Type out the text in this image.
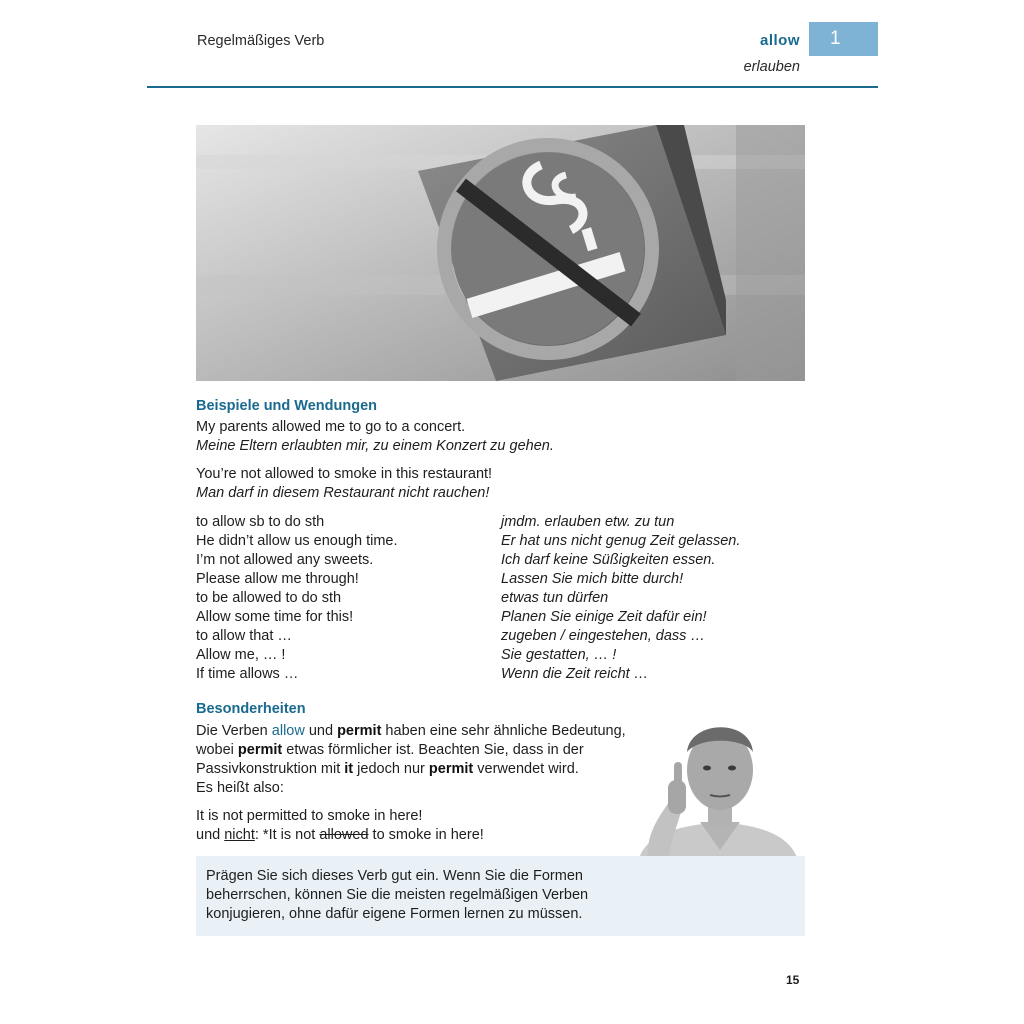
Regelmäßiges Verb	allow
erlauben
1
Beispiele und Wendungen
My parents allowed me to go to a concert.
Meine Eltern erlaubten mir, zu einem Konzert zu gehen.
You’re not allowed to smoke in this restaurant!
Man darf in diesem Restaurant nicht rauchen!
to allow sb to do sth
He didn’t allow us enough time.
I’m not allowed any sweets.
Please allow me through!
to be allowed to do sth
Allow some time for this!
to allow that …
Allow me, … !
If time allows …
jmdm. erlauben etw. zu tun
Er hat uns nicht genug Zeit gelassen.
Ich darf keine Süßigkeiten essen.
Lassen Sie mich bitte durch!
etwas tun dürfen
Planen Sie einige Zeit dafür ein!
zugeben / eingestehen, dass …
Sie gestatten, … !
Wenn die Zeit reicht …
Besonderheiten
Die Verben allow und permit haben eine sehr ähnliche Bedeutung,
wobei permit etwas förmlicher ist. Beachten Sie, dass in der
Passivkonstruktion mit it jedoch nur permit verwendet wird.
Es heißt also:
It is not permitted to smoke in here!
und nicht: *It is not allowed to smoke in here!
Prägen Sie sich dieses Verb gut ein. Wenn Sie die Formen
beherrschen, können Sie die meisten regelmäßigen Verben
konjugieren, ohne dafür eigene Formen lernen zu müssen.
15
